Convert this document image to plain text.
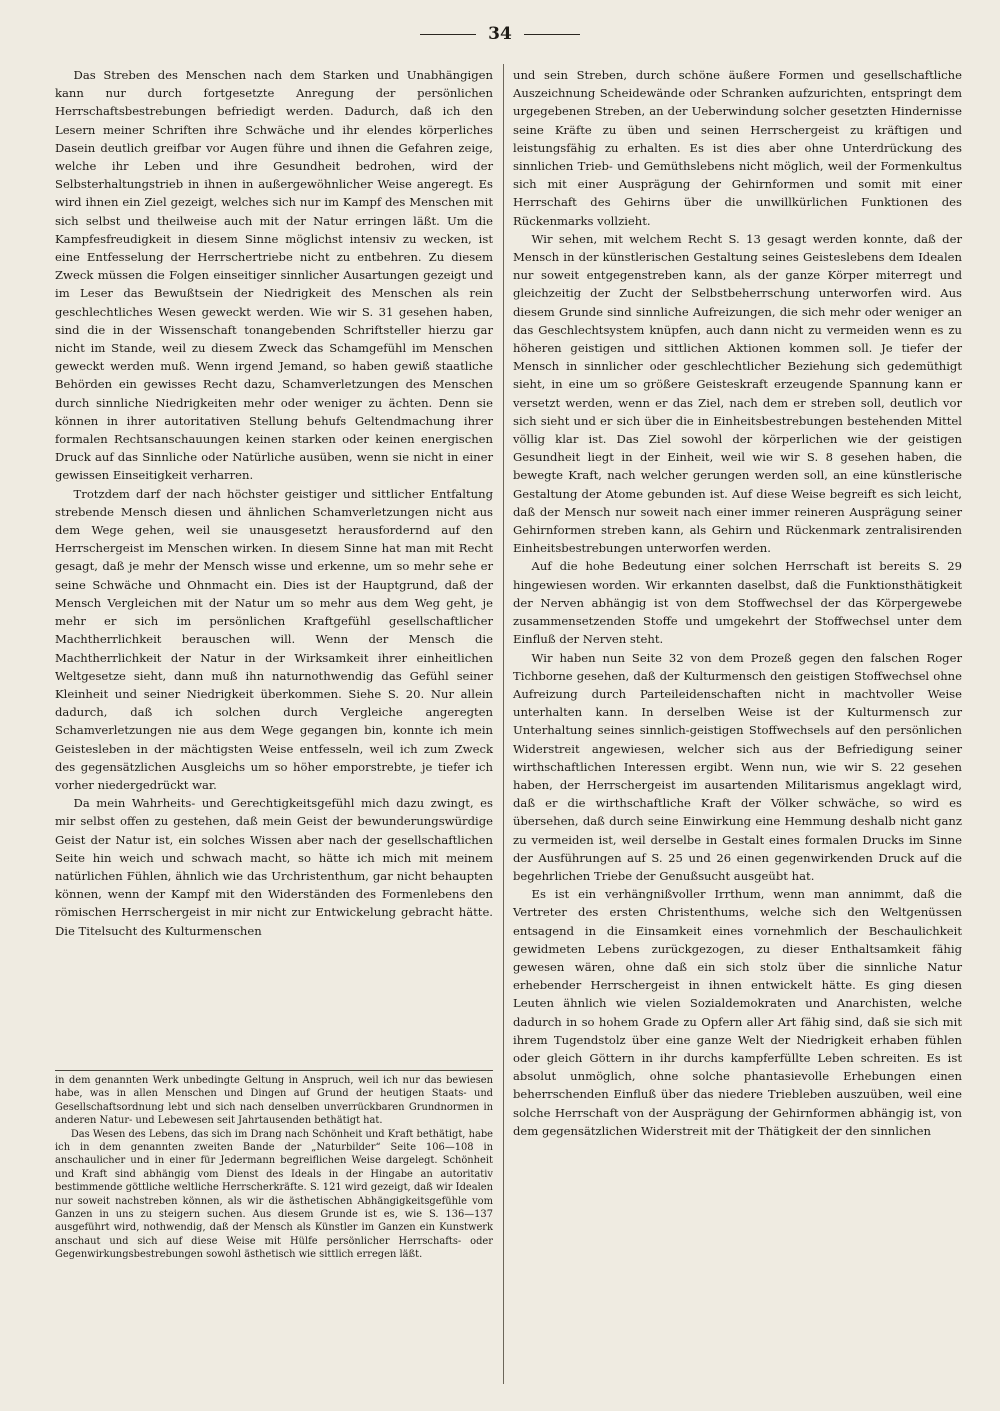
34

Das Streben des Menschen nach dem Starken und Unabhängigen kann nur durch fortgesetzte Anregung der persönlichen Herrschaftsbestrebungen befriedigt werden. Dadurch, daß ich den Lesern meiner Schriften ihre Schwäche und ihr elendes körperliches Dasein deutlich greifbar vor Augen führe und ihnen die Gefahren zeige, welche ihr Leben und ihre Gesundheit bedrohen, wird der Selbsterhaltungstrieb in ihnen in außergewöhnlicher Weise angeregt. Es wird ihnen ein Ziel gezeigt, welches sich nur im Kampf des Menschen mit sich selbst und theilweise auch mit der Natur erringen läßt. Um die Kampfesfreudigkeit in diesem Sinne möglichst intensiv zu wecken, ist eine Entfesselung der Herrschertriebe nicht zu entbehren. Zu diesem Zweck müssen die Folgen einseitiger sinnlicher Ausartungen gezeigt und im Leser das Bewußtsein der Niedrigkeit des Menschen als rein geschlechtliches Wesen geweckt werden. Wie wir S. 31 gesehen haben, sind die in der Wissenschaft tonangebenden Schriftsteller hierzu gar nicht im Stande, weil zu diesem Zweck das Schamgefühl im Menschen geweckt werden muß. Wenn irgend Jemand, so haben gewiß staatliche Behörden ein gewisses Recht dazu, Schamverletzungen des Menschen durch sinnliche Niedrigkeiten mehr oder weniger zu ächten. Denn sie können in ihrer autoritativen Stellung behufs Geltendmachung ihrer formalen Rechtsanschauungen keinen starken oder keinen energischen Druck auf das Sinnliche oder Natürliche ausüben, wenn sie nicht in einer gewissen Einseitigkeit verharren.

Trotzdem darf der nach höchster geistiger und sittlicher Entfaltung strebende Mensch diesen und ähnlichen Schamverletzungen nicht aus dem Wege gehen, weil sie unausgesetzt herausfordernd auf den Herrschergeist im Menschen wirken. In diesem Sinne hat man mit Recht gesagt, daß je mehr der Mensch wisse und erkenne, um so mehr sehe er seine Schwäche und Ohnmacht ein. Dies ist der Hauptgrund, daß der Mensch Vergleichen mit der Natur um so mehr aus dem Weg geht, je mehr er sich im persönlichen Kraftgefühl gesellschaftlicher Machtherrlichkeit berauschen will. Wenn der Mensch die Machtherrlichkeit der Natur in der Wirksamkeit ihrer einheitlichen Weltgesetze sieht, dann muß ihn naturnothwendig das Gefühl seiner Kleinheit und seiner Niedrigkeit überkommen. Siehe S. 20. Nur allein dadurch, daß ich solchen durch Vergleiche angeregten Schamverletzungen nie aus dem Wege gegangen bin, konnte ich mein Geistesleben in der mächtigsten Weise entfesseln, weil ich zum Zweck des gegensätzlichen Ausgleichs um so höher emporstrebte, je tiefer ich vorher niedergedrückt war.

Da mein Wahrheits- und Gerechtigkeitsgefühl mich dazu zwingt, es mir selbst offen zu gestehen, daß mein Geist der bewunderungswürdige Geist der Natur ist, ein solches Wissen aber nach der gesellschaftlichen Seite hin weich und schwach macht, so hätte ich mich mit meinem natürlichen Fühlen, ähnlich wie das Urchristenthum, gar nicht behaupten können, wenn der Kampf mit den Widerständen des Formenlebens den römischen Herrschergeist in mir nicht zur Entwickelung gebracht hätte. Die Titelsucht des Kulturmenschen

und sein Streben, durch schöne äußere Formen und gesellschaftliche Auszeichnung Scheidewände oder Schranken aufzurichten, entspringt dem urgegebenen Streben, an der Ueberwindung solcher gesetzten Hindernisse seine Kräfte zu üben und seinen Herrschergeist zu kräftigen und leistungsfähig zu erhalten. Es ist dies aber ohne Unterdrückung des sinnlichen Trieb- und Gemüthslebens nicht möglich, weil der Formenkultus sich mit einer Ausprägung der Gehirnformen und somit mit einer Herrschaft des Gehirns über die unwillkürlichen Funktionen des Rückenmarks vollzieht.

Wir sehen, mit welchem Recht S. 13 gesagt werden konnte, daß der Mensch in der künstlerischen Gestaltung seines Geisteslebens dem Idealen nur soweit entgegenstreben kann, als der ganze Körper miterregt und gleichzeitig der Zucht der Selbstbeherrschung unterworfen wird. Aus diesem Grunde sind sinnliche Aufreizungen, die sich mehr oder weniger an das Geschlechtsystem knüpfen, auch dann nicht zu vermeiden wenn es zu höheren geistigen und sittlichen Aktionen kommen soll. Je tiefer der Mensch in sinnlicher oder geschlechtlicher Beziehung sich gedemüthigt sieht, in eine um so größere Geisteskraft erzeugende Spannung kann er versetzt werden, wenn er das Ziel, nach dem er streben soll, deutlich vor sich sieht und er sich über die in Einheitsbestrebungen bestehenden Mittel völlig klar ist. Das Ziel sowohl der körperlichen wie der geistigen Gesundheit liegt in der Einheit, weil wie wir S. 8 gesehen haben, die bewegte Kraft, nach welcher gerungen werden soll, an eine künstlerische Gestaltung der Atome gebunden ist. Auf diese Weise begreift es sich leicht, daß der Mensch nur soweit nach einer immer reineren Ausprägung seiner Gehirnformen streben kann, als Gehirn und Rückenmark zentralisirenden Einheitsbestrebungen unterworfen werden.

Auf die hohe Bedeutung einer solchen Herrschaft ist bereits S. 29 hingewiesen worden. Wir erkannten daselbst, daß die Funktionsthätigkeit der Nerven abhängig ist von dem Stoffwechsel der das Körpergewebe zusammensetzenden Stoffe und umgekehrt der Stoffwechsel unter dem Einfluß der Nerven steht.

Wir haben nun Seite 32 von dem Prozeß gegen den falschen Roger Tichborne gesehen, daß der Kulturmensch den geistigen Stoffwechsel ohne Aufreizung durch Parteileidenschaften nicht in machtvoller Weise unterhalten kann. In derselben Weise ist der Kulturmensch zur Unterhaltung seines sinnlich-geistigen Stoffwechsels auf den persönlichen Widerstreit angewiesen, welcher sich aus der Befriedigung seiner wirthschaftlichen Interessen ergibt. Wenn nun, wie wir S. 22 gesehen haben, der Herrschergeist im ausartenden Militarismus angeklagt wird, daß er die wirthschaftliche Kraft der Völker schwäche, so wird es übersehen, daß durch seine Einwirkung eine Hemmung deshalb nicht ganz zu vermeiden ist, weil derselbe in Gestalt eines formalen Drucks im Sinne der Ausführungen auf S. 25 und 26 einen gegenwirkenden Druck auf die begehrlichen Triebe der Genußsucht ausgeübt hat.

Es ist ein verhängnißvoller Irrthum, wenn man annimmt, daß die Vertreter des ersten Christenthums, welche sich den Weltgenüssen entsagend in die Einsamkeit eines vornehmlich der Beschaulichkeit gewidmeten Lebens zurückgezogen, zu dieser Enthaltsamkeit fähig gewesen wären, ohne daß ein sich stolz über die sinnliche Natur erhebender Herrschergeist in ihnen entwickelt hätte. Es ging diesen Leuten ähnlich wie vielen Sozialdemokraten und Anarchisten, welche dadurch in so hohem Grade zu Opfern aller Art fähig sind, daß sie sich mit ihrem Tugendstolz über eine ganze Welt der Niedrigkeit erhaben fühlen oder gleich Göttern in ihr durchs kampferfüllte Leben schreiten. Es ist absolut unmöglich, ohne solche phantasievolle Erhebungen einen beherrschenden Einfluß über das niedere Triebleben auszuüben, weil eine solche Herrschaft von der Ausprägung der Gehirnformen abhängig ist, von dem gegensätzlichen Widerstreit mit der Thätigkeit der den sinnlichen

in dem genannten Werk unbedingte Geltung in Anspruch, weil ich nur das bewiesen habe, was in allen Menschen und Dingen auf Grund der heutigen Staats- und Gesellschaftsordnung lebt und sich nach denselben unverrückbaren Grundnormen in anderen Natur- und Lebewesen seit Jahrtausenden bethätigt hat.

Das Wesen des Lebens, das sich im Drang nach Schönheit und Kraft bethätigt, habe ich in dem genannten zweiten Bande der „Naturbilder“ Seite 106—108 in anschaulicher und in einer für Jedermann begreiflichen Weise dargelegt. Schönheit und Kraft sind abhängig vom Dienst des Ideals in der Hingabe an autoritativ bestimmende göttliche weltliche Herrscherkräfte. S. 121 wird gezeigt, daß wir Idealen nur soweit nachstreben können, als wir die ästhetischen Abhängigkeitsgefühle vom Ganzen in uns zu steigern suchen. Aus diesem Grunde ist es, wie S. 136—137 ausgeführt wird, nothwendig, daß der Mensch als Künstler im Ganzen ein Kunstwerk anschaut und sich auf diese Weise mit Hülfe persönlicher Herrschafts- oder Gegenwirkungsbestrebungen sowohl ästhetisch wie sittlich erregen läßt.
